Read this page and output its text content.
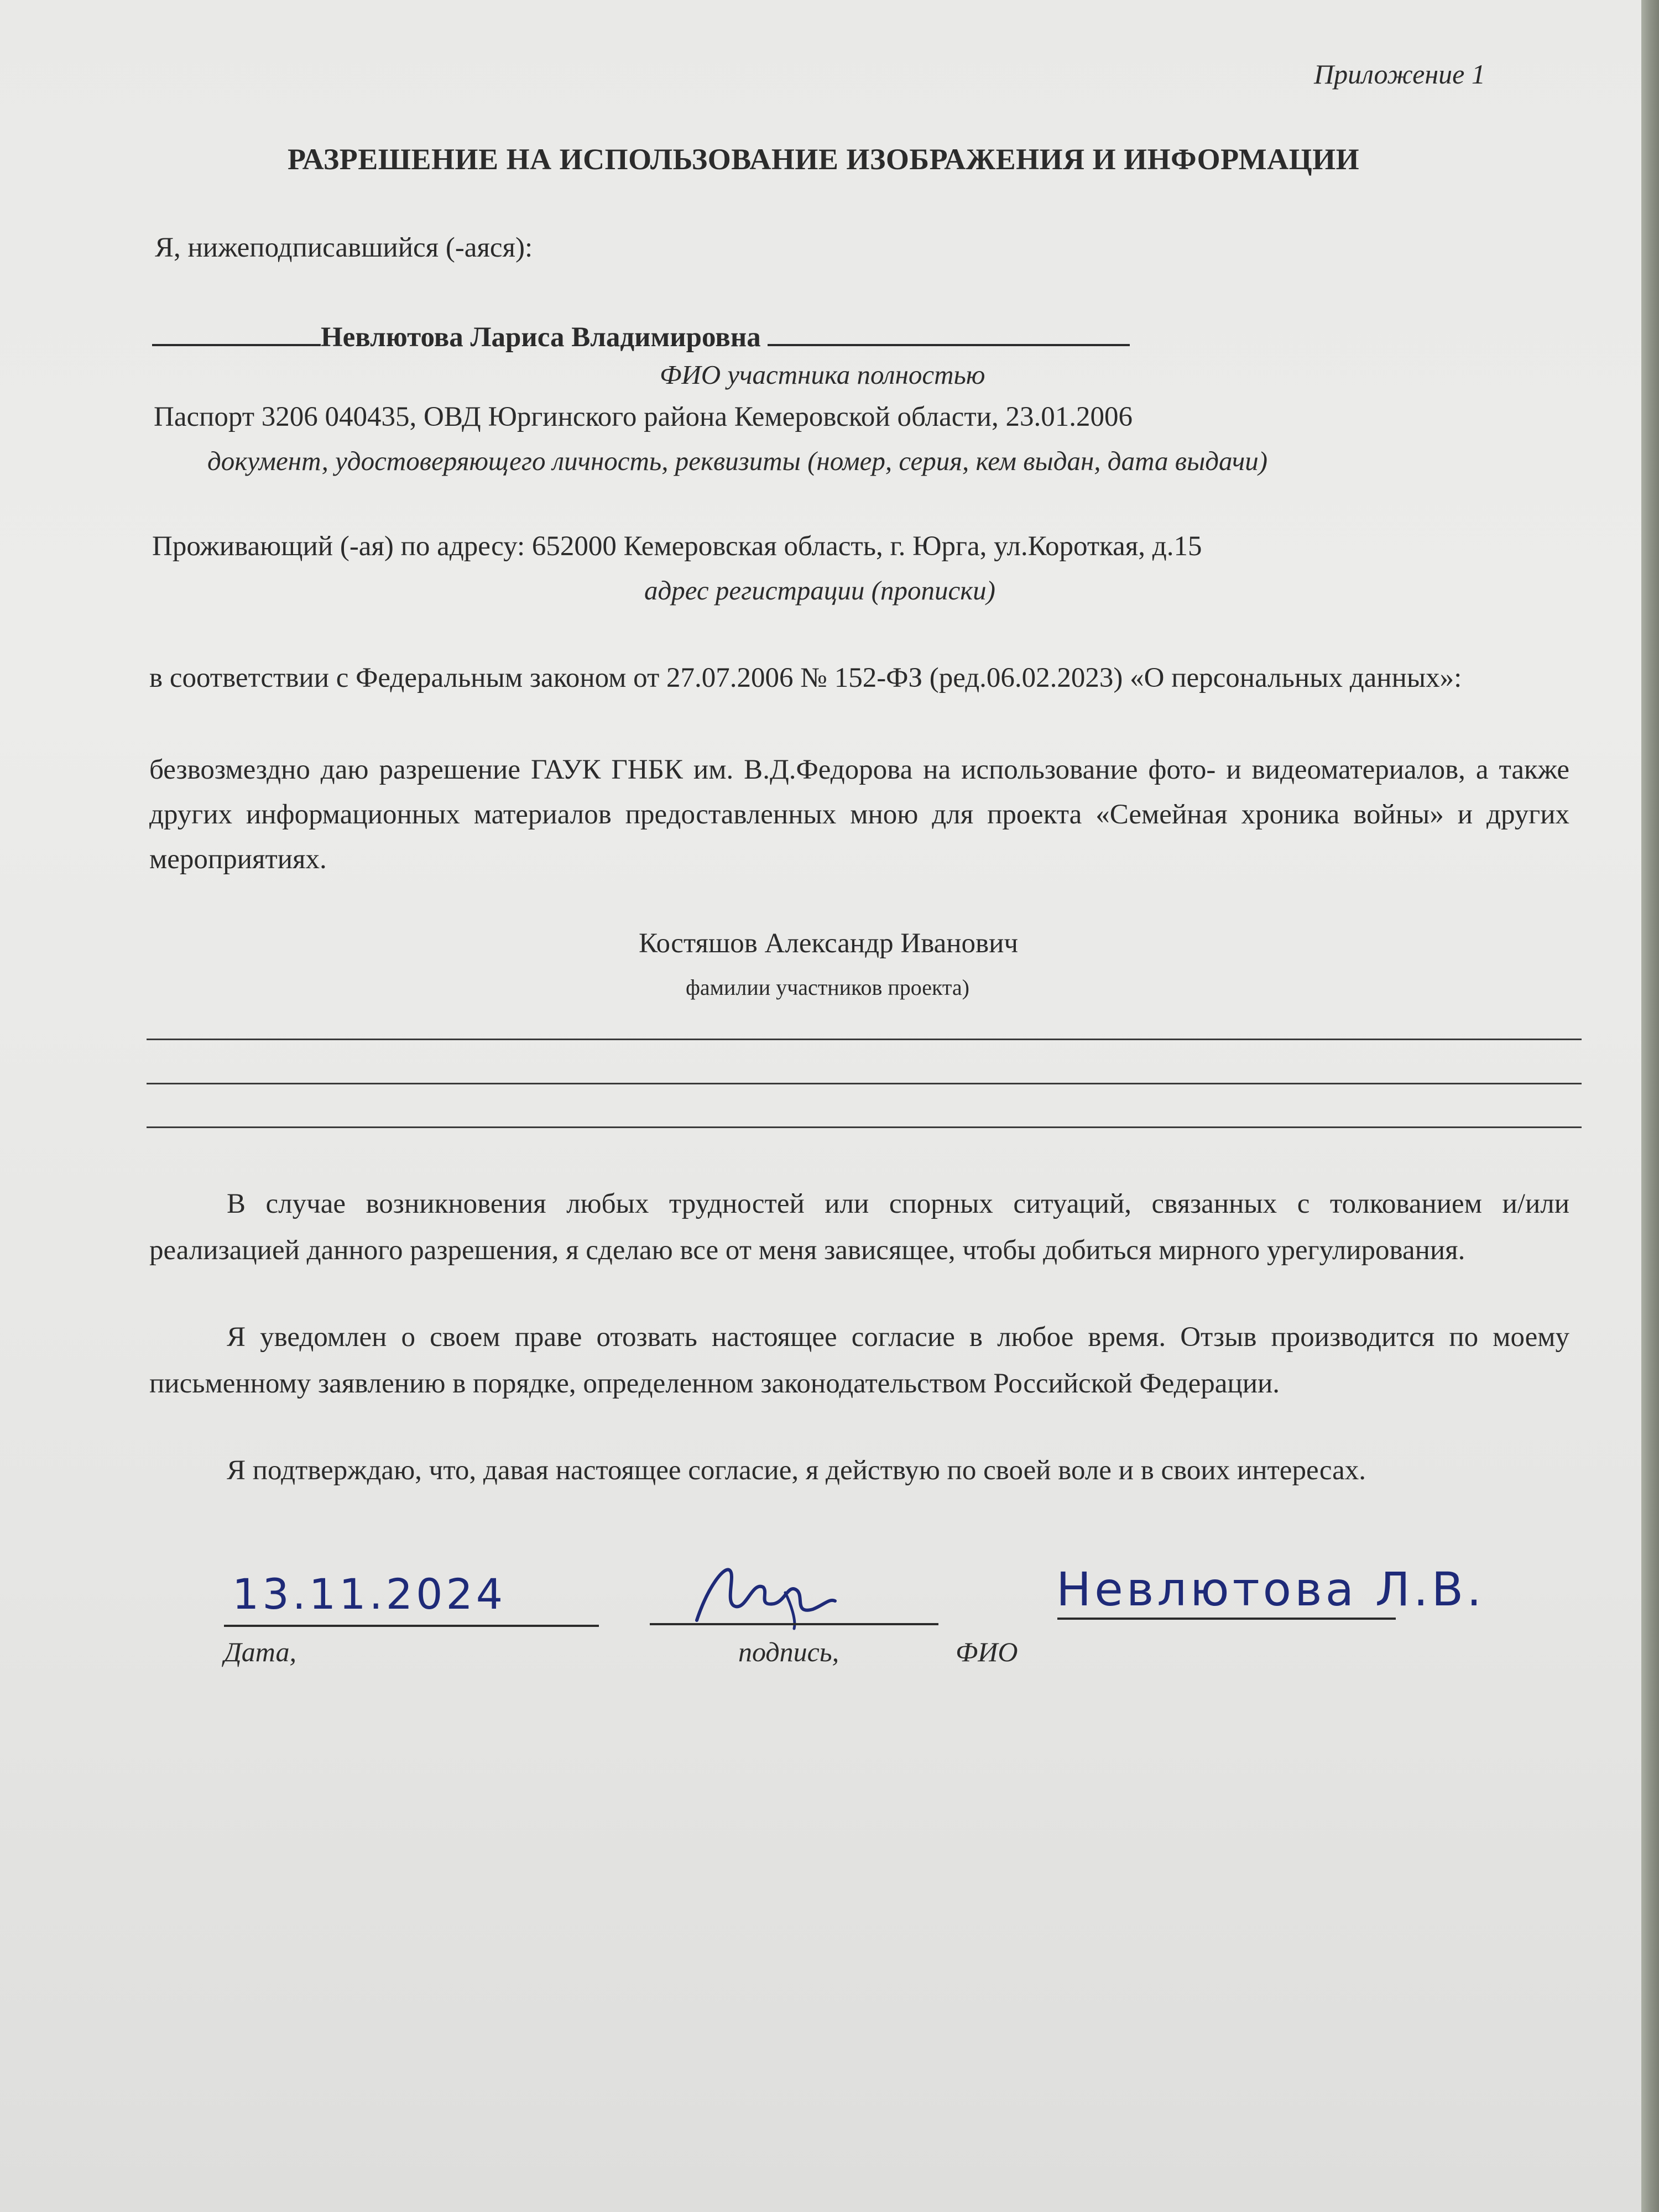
Приложение 1
РАЗРЕШЕНИЕ НА ИСПОЛЬЗОВАНИЕ ИЗОБРАЖЕНИЯ И ИНФОРМАЦИИ
Я, нижеподписавшийся (-аяся):
Невлютова Лариса Владимировна
ФИО участника полностью
Паспорт 3206 040435, ОВД Юргинского района Кемеровской области, 23.01.2006
документ, удостоверяющего личность, реквизиты (номер, серия, кем выдан, дата выдачи)
Проживающий (-ая) по адресу: 652000 Кемеровская область, г. Юрга, ул.Короткая, д.15
адрес регистрации (прописки)

в соответствии с Федеральным законом от 27.07.2006 № 152-ФЗ (ред.06.02.2023) «О персональных данных»:

безвозмездно даю разрешение ГАУК ГНБК им. В.Д.Федорова на использование фото- и видеоматериалов, а также других информационных материалов предоставленных мною для проекта «Семейная хроника войны» и других мероприятиях.

Костяшов Александр Иванович
фамилии участников проекта)

В случае возникновения любых трудностей или спорных ситуаций, связанных с толкованием и/или реализацией данного разрешения, я сделаю все от меня зависящее, чтобы добиться мирного урегулирования.

Я уведомлен о своем праве отозвать настоящее согласие в любое время. Отзыв производится по моему письменному заявлению в порядке, определенном законодательством Российской Федерации.

Я подтверждаю, что, давая настоящее согласие, я действую по своей воле и в своих интересах.

13.11.2024	Невлютова Л.В.
Дата,	подпись,	ФИО
